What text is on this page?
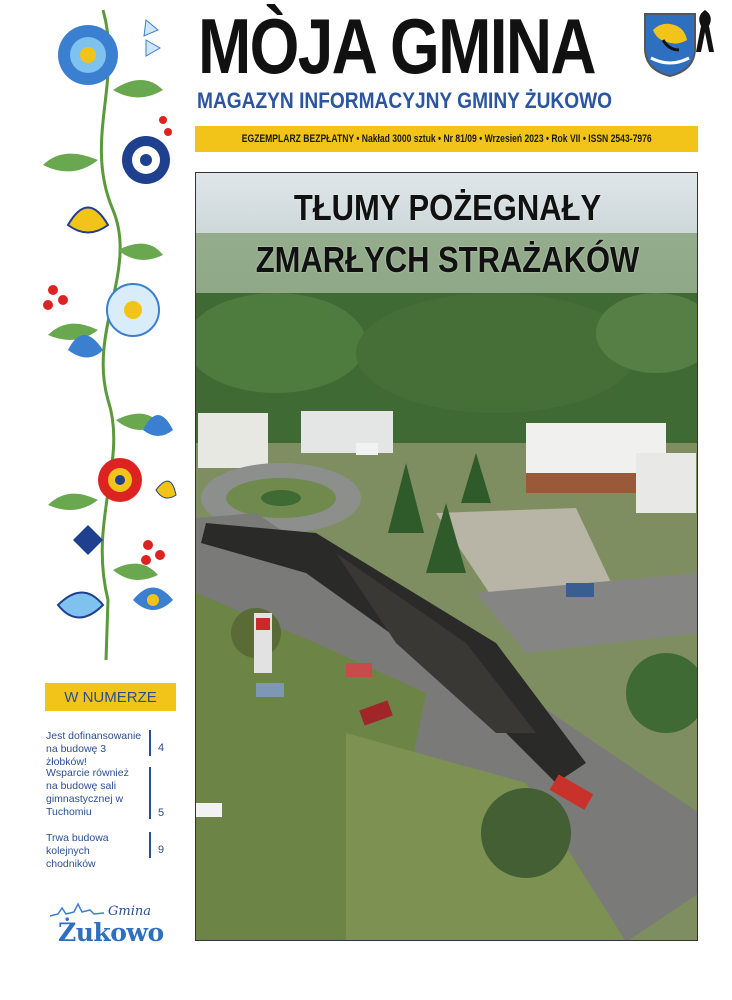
MÒJA GMINA
MAGAZYN INFORMACYJNY GMINY ŻUKOWO
EGZEMPLARZ BEZPŁATNY • Nakład 3000 sztuk • Nr 81/09 • Wrzesień 2023 • Rok VII • ISSN 2543-7976
TŁUMY POŻEGNAŁY
ZMARŁYCH STRAŻAKÓW
W NUMERZE
Jest dofinansowanie na budowę 3 żłobków!
4
Wsparcie również na budowę sali gimnastycznej w Tuchomiu	5
Trwa budowa kolejnych chodników
9
Gmina
Żukowo
